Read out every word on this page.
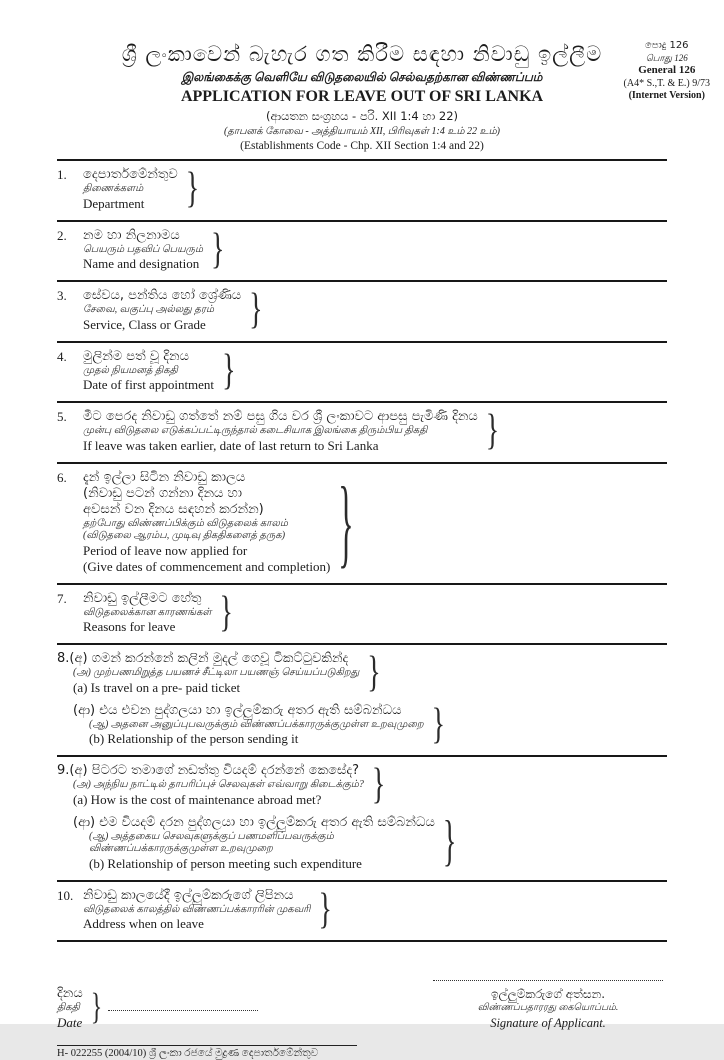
පොදු 126
பொது 126
General 126
(A4* S.,T. & E.) 9/73
(Internet Version)
ශ්‍රී ලංකාවෙන් බැහැර ගත කිරීම සඳහා නිවාඩු ඉල්ලීම
இலங்கைக்கு வெளியே விடுதலையில் செல்வதற்கான விண்ணப்பம்
APPLICATION FOR LEAVE OUT OF SRI LANKA
(ආයතන සංග්‍රහය - පරි. XII 1:4 හා 22)
(தாபனக் கோவை - அத்தியாயம் XII, பிரிவுகள் 1:4 உம் 22 உம்)
(Establishments Code - Chp. XII Section 1:4 and 22)
1.	දෙපාර්තමේන්තුව
திணைக்களம்
Department
}
2.	නම හා නිලනාමය
பெயரும் பதவிப் பெயரும்
Name and designation
}
3.	සේවය, පන්තිය හෝ ශ්‍රේණිය
சேவை, வகுப்பு அல்லது தரம்
Service, Class or Grade
}
4.	මුලින්ම පත් වූ දිනය
முதல் நியமனத் திகதி
Date of first appointment
}
5.	මීට පෙරද නිවාඩු ගත්තේ නම් පසු ගිය වර ශ්‍රී ලංකාවට ආපසු පැමිණි දිනය
முன்பு விடுதலை எடுக்கப்பட்டிருந்தால் கடைசியாக இலங்கை திரும்பிய திகதி
If leave was taken earlier, date of last return to Sri Lanka
}
6.	දැන් ඉල්ලා සිටින නිවාඩු කාලය
(නිවාඩු පටන් ගන්නා දිනය හා
අවසන් වන දිනය සඳහන් කරන්න)
தற்போது விண்ணப்பிக்கும் விடுதலைக் காலம்
(விடுதலை ஆரம்ப, முடிவு திகதிகளைத் தருக)
Period of leave now applied for
(Give dates of commencement and completion)
}
7.	නිවාඩු ඉල්ලීමට හේතු
விடுதலைக்கான காரணங்கள்
Reasons for leave
}
8.(අ) ගමන් කරන්නේ කලින් මුදල් ගෙවූ ටිකට්ටුවකින්ද
(அ) முற்பணமிறுத்த பயணச் சீட்டிலா பயணஞ் செய்யப்படுகிறது
(a) Is travel on a pre- paid ticket
}
(ආ) එය එවන පුද්ගලයා හා ඉල්ලුම්කරු අතර ඇති සම්බන්ධය
(ஆ) அதனை அனுப்புபவருக்கும் விண்ணப்பக்காரருக்குமுள்ள உறவுமுறை
(b) Relationship of the person sending it
}
9.(අ) පිටරට තමාගේ නඩත්තු වියදම් දරන්නේ කෙසේද?
(அ) அந்நிய நாட்டில் தாபரிப்புச் செலவுகள் எவ்வாறு கிடைக்கும்?
(a) How is the cost of maintenance abroad met?
}
(ආ) එම වියදම් දරන පුද්ගලයා හා ඉල්ලුම්කරු අතර ඇති සම්බන්ධය
(ஆ) அத்தகைய செலவுகளுக்குப் பணமளிப்பவருக்கும்
விண்ணப்பக்காரருக்குமுள்ள உறவுமுறை
(b) Relationship of person meeting such expenditure
}
10. නිවාඩු කාලයේදී ඉල්ලුම්කරුගේ ලිපිනය
விடுதலைக் காலத்தில் விண்ணப்பக்காரரின் முகவரி
Address when on leave
}
දිනය
திகதி
Date
}
ඉල්ලුම්කරුගේ අත්සන.
விண்ணப்பதாரரது கையொப்பம்.
Signature of Applicant.
H- 022255 (2004/10) ශ්‍රී ලංකා රජයේ මුද්‍රණ දෙපාර්තමේන්තුව
